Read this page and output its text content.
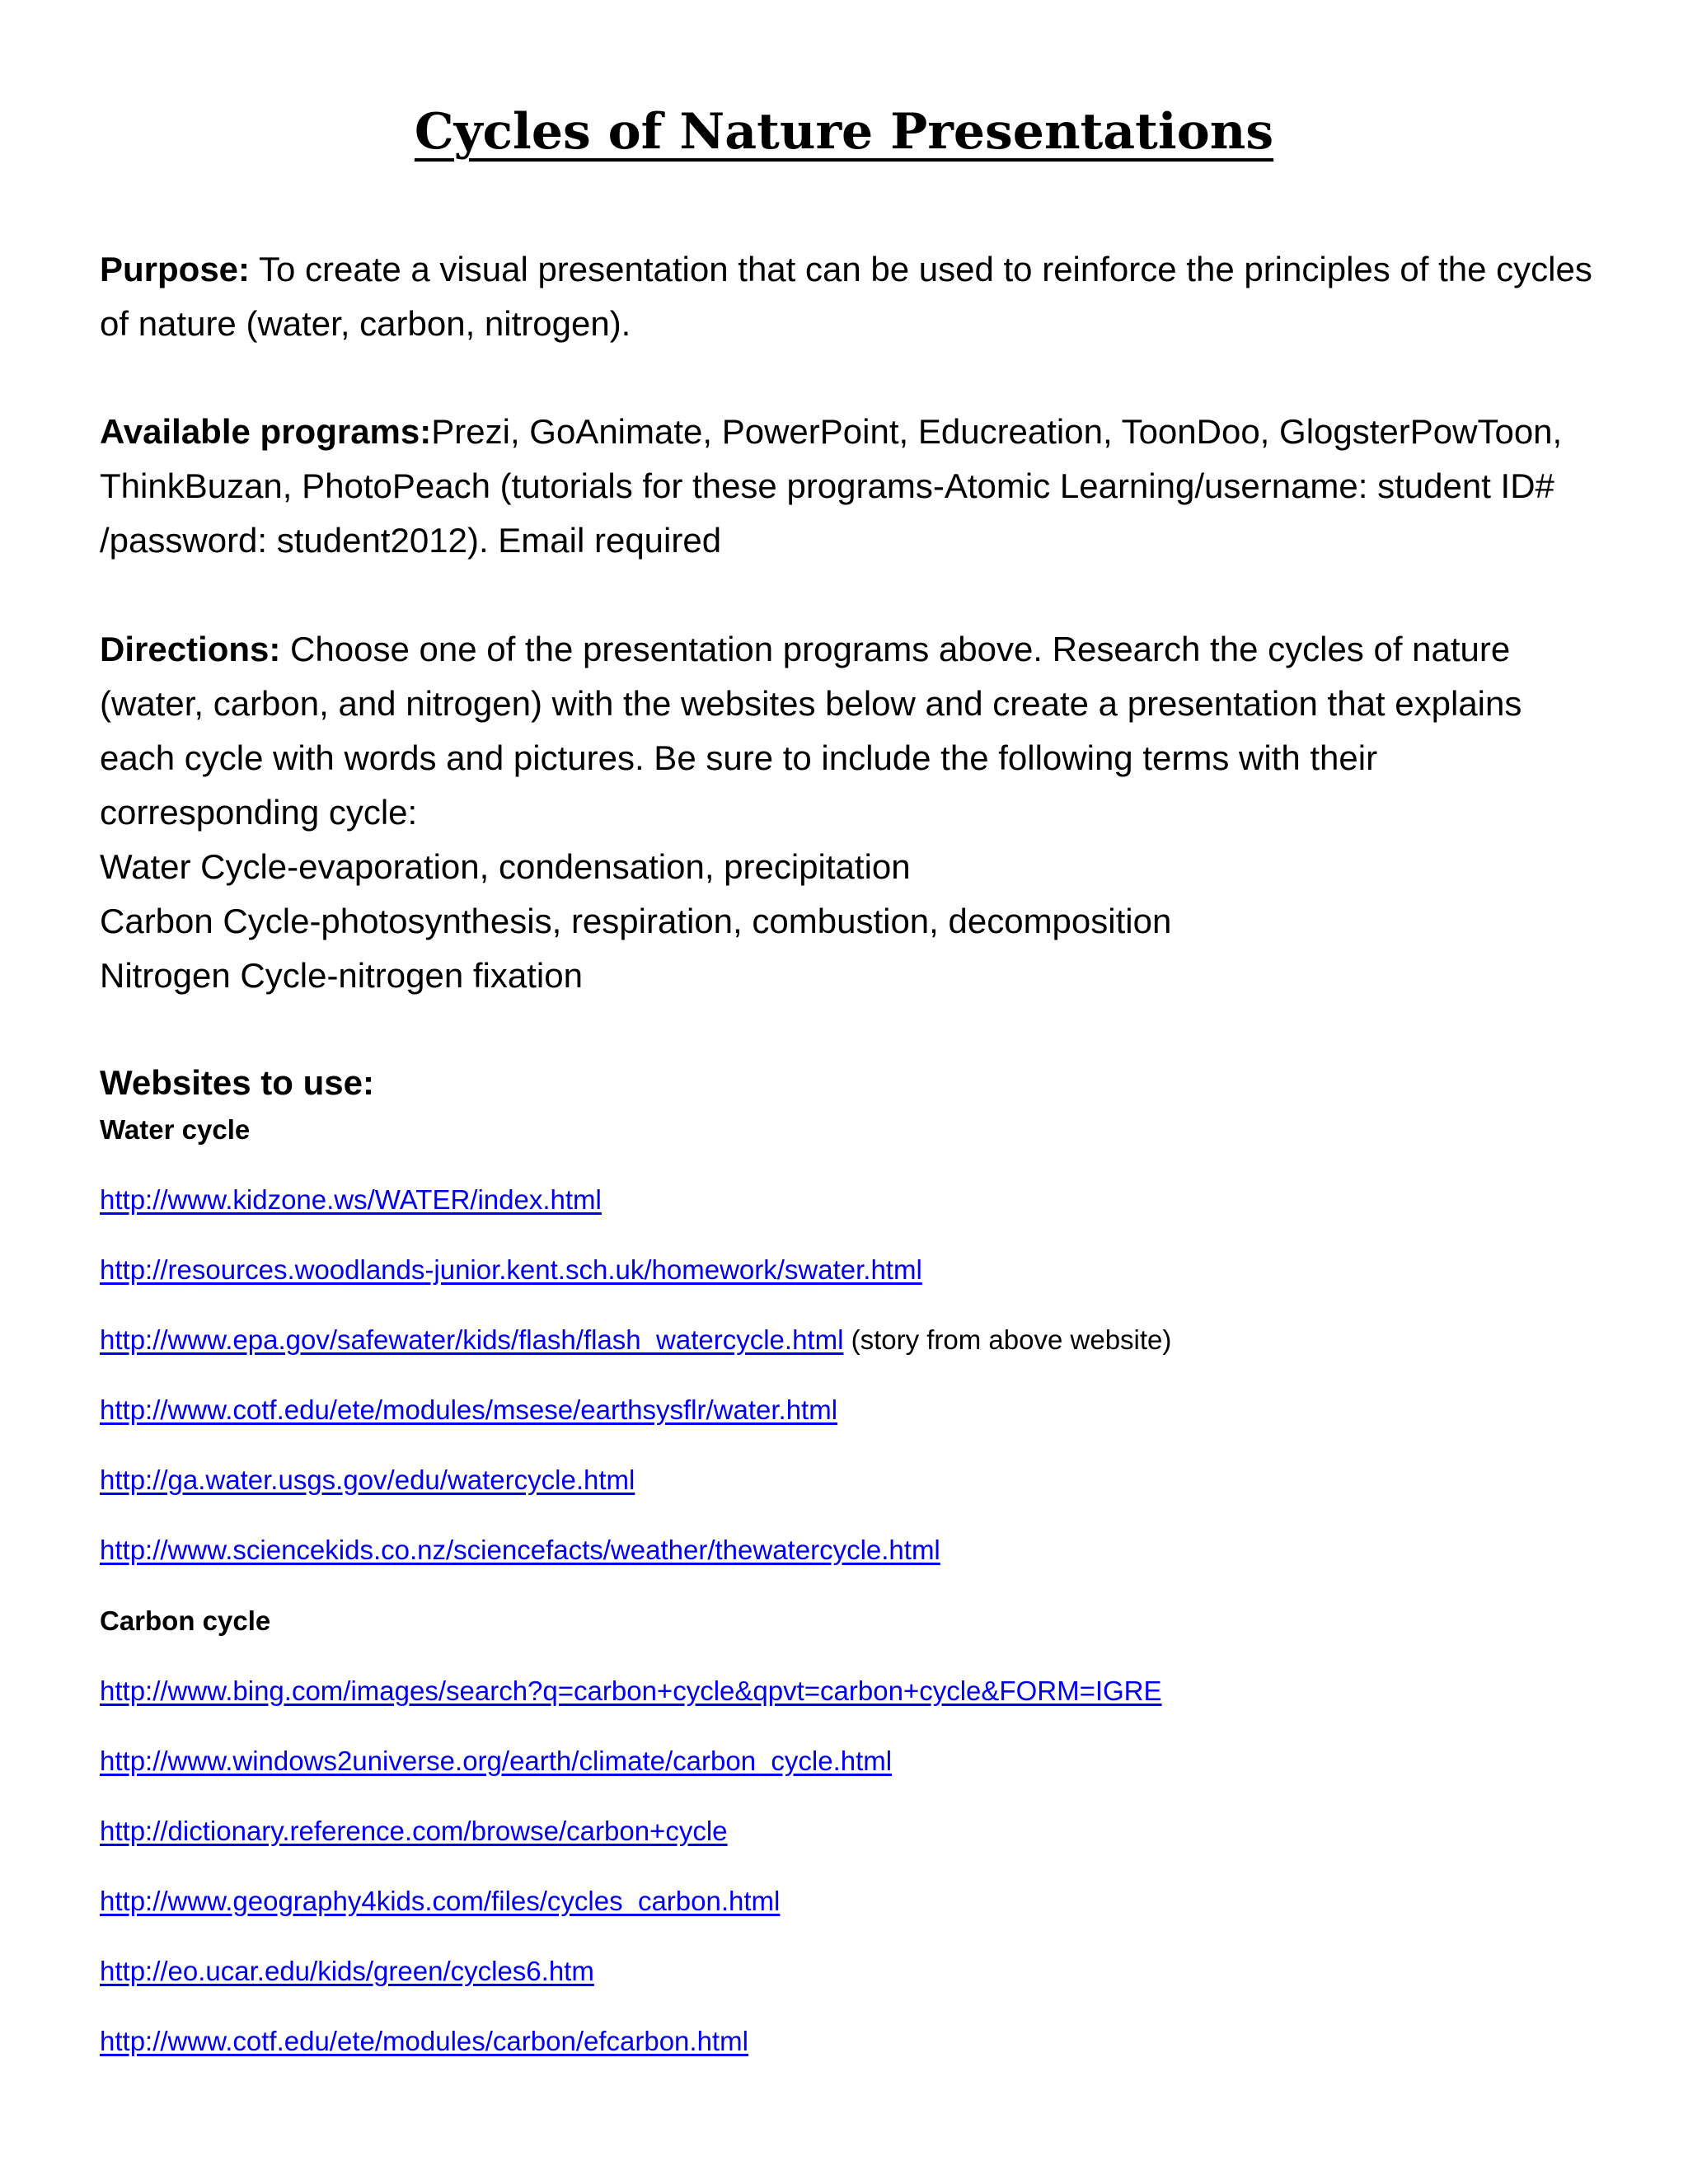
Cycles of Nature Presentations

Purpose: To create a visual presentation that can be used to reinforce the principles of the cycles of nature (water, carbon, nitrogen).

Available programs:Prezi, GoAnimate, PowerPoint, Educreation, ToonDoo, GlogsterPowToon, ThinkBuzan, PhotoPeach (tutorials for these programs-Atomic Learning/username: student ID# /password: student2012). Email required

Directions: Choose one of the presentation programs above. Research the cycles of nature (water, carbon, and nitrogen) with the websites below and create a presentation that explains each cycle with words and pictures. Be sure to include the following terms with their corresponding cycle:

Water Cycle-evaporation, condensation, precipitation

Carbon Cycle-photosynthesis, respiration, combustion, decomposition

Nitrogen Cycle-nitrogen fixation

Websites to use:
Water cycle
http://www.kidzone.ws/WATER/index.html
http://resources.woodlands-junior.kent.sch.uk/homework/swater.html
http://www.epa.gov/safewater/kids/flash/flash_watercycle.html (story from above website)
http://www.cotf.edu/ete/modules/msese/earthsysflr/water.html
http://ga.water.usgs.gov/edu/watercycle.html
http://www.sciencekids.co.nz/sciencefacts/weather/thewatercycle.html
Carbon cycle
http://www.bing.com/images/search?q=carbon+cycle&qpvt=carbon+cycle&FORM=IGRE
http://www.windows2universe.org/earth/climate/carbon_cycle.html
http://dictionary.reference.com/browse/carbon+cycle
http://www.geography4kids.com/files/cycles_carbon.html
http://eo.ucar.edu/kids/green/cycles6.htm
http://www.cotf.edu/ete/modules/carbon/efcarbon.html
